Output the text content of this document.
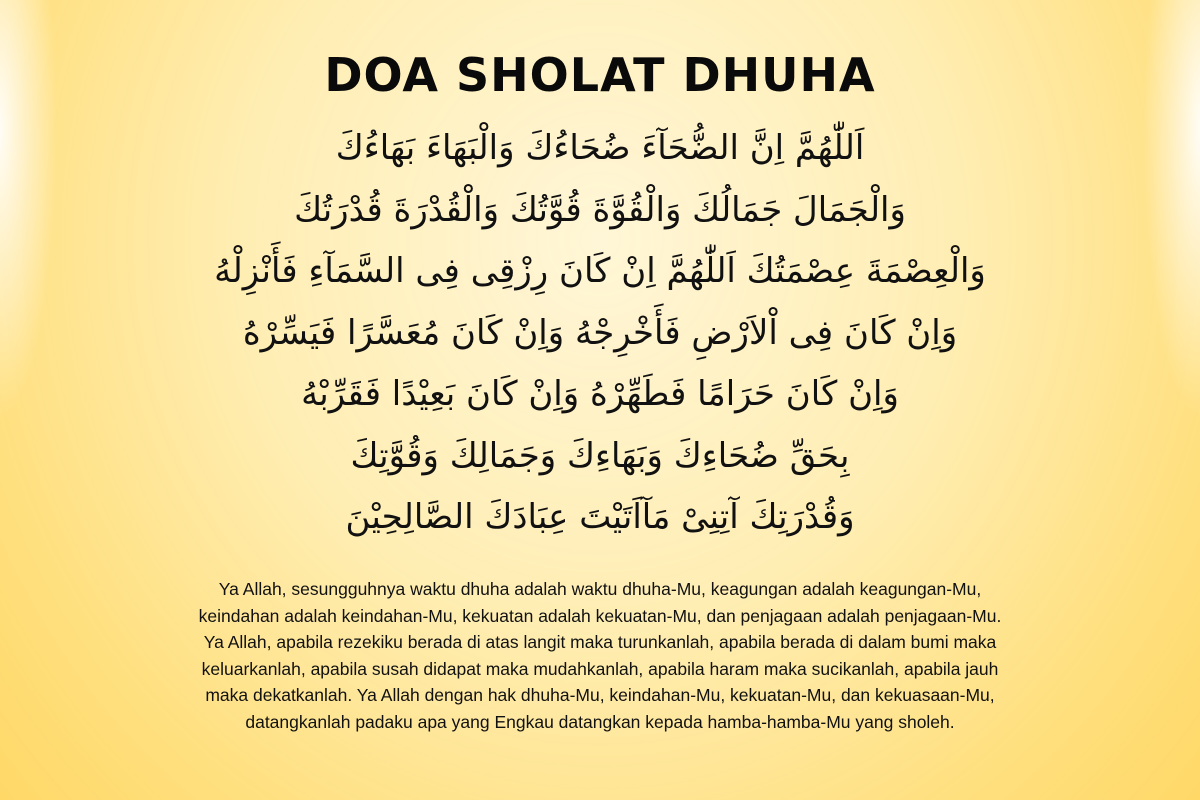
DOA SHOLAT DHUHA
اَللّٰهُمَّ اِنَّ الضُّحَآءَ ضُحَاءُكَ وَالْبَهَاءَ بَهَاءُكَ
وَالْجَمَالَ جَمَالُكَ وَالْقُوَّةَ قُوَّتُكَ وَالْقُدْرَةَ قُدْرَتُكَ
وَالْعِصْمَةَ عِصْمَتُكَ اَللّٰهُمَّ اِنْ كَانَ رِزْقِى فِى السَّمَآءِ فَأَنْزِلْهُ
وَاِنْ كَانَ فِى اْلاَرْضِ فَأَخْرِجْهُ وَاِنْ كَانَ مُعَسَّرًا فَيَسِّرْهُ
وَاِنْ كَانَ حَرَامًا فَطَهِّرْهُ وَاِنْ كَانَ بَعِيْدًا فَقَرِّبْهُ
بِحَقِّ ضُحَاءِكَ وَبَهَاءِكَ وَجَمَالِكَ وَقُوَّتِكَ
وَقُدْرَتِكَ آتِنِىْ مَآاَتَيْتَ عِبَادَكَ الصَّالِحِيْنَ

Ya Allah, sesungguhnya waktu dhuha adalah waktu dhuha-Mu, keagungan adalah keagungan-Mu, keindahan adalah keindahan-Mu, kekuatan adalah kekuatan-Mu, dan penjagaan adalah penjagaan-Mu. Ya Allah, apabila rezekiku berada di atas langit maka turunkanlah, apabila berada di dalam bumi maka keluarkanlah, apabila susah didapat maka mudahkanlah, apabila haram maka sucikanlah, apabila jauh maka dekatkanlah. Ya Allah dengan hak dhuha-Mu, keindahan-Mu, kekuatan-Mu, dan kekuasaan-Mu, datangkanlah padaku apa yang Engkau datangkan kepada hamba-hamba-Mu yang sholeh.
